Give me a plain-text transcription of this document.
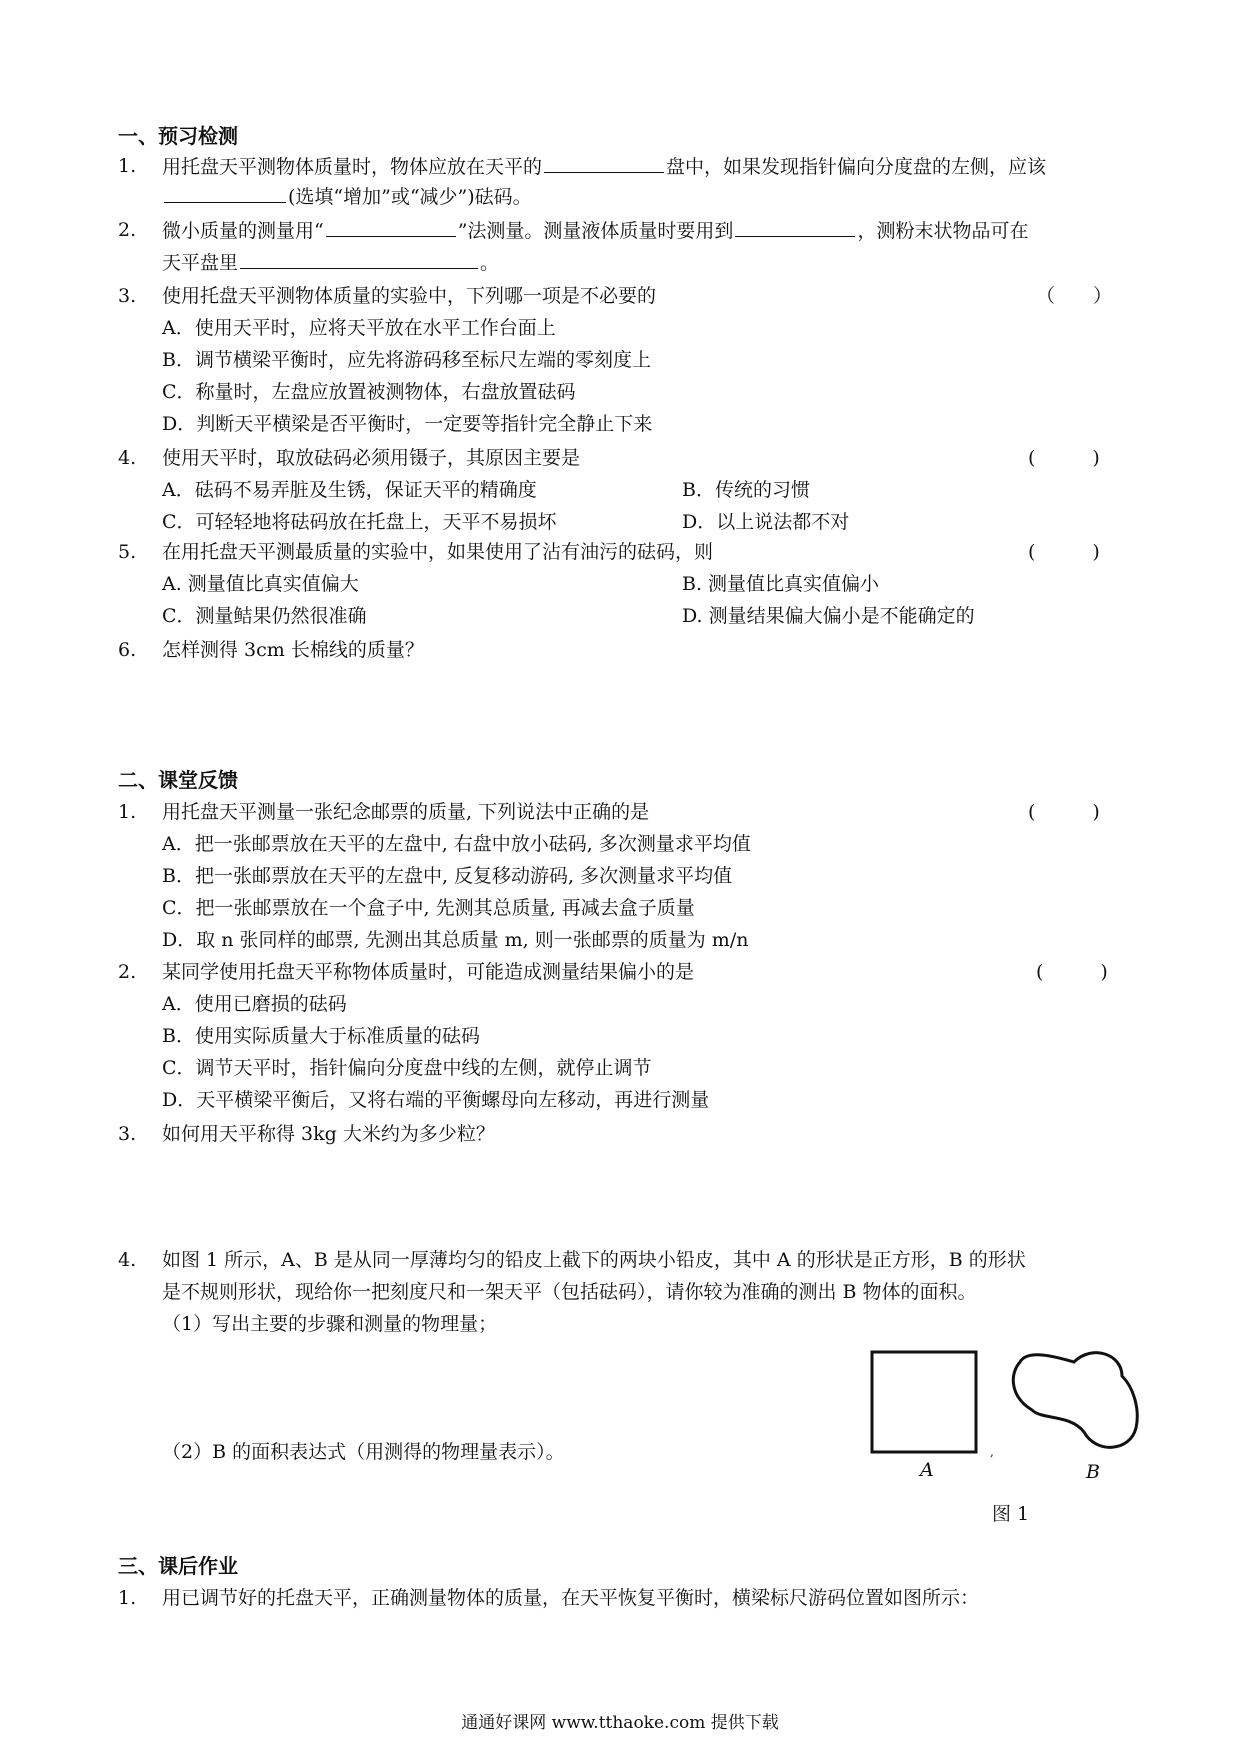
一、预习检测
1. 用托盘天平测物体质量时，物体应放在天平的	盘中，如果发现指针偏向分度盘的左侧，应该
(选填“增加”或“减少”)砝码。
2. 微小质量的测量用“	”法测量。测量液体质量时要用到	，测粉末状物品可在
天平盘里	。
3. 使用托盘天平测物体质量的实验中，下列哪一项是不必要的	（　　）
A．使用天平时，应将天平放在水平工作台面上
B．调节横梁平衡时，应先将游码移至标尺左端的零刻度上
C．称量时，左盘应放置被测物体，右盘放置砝码
D．判断天平横梁是否平衡时，一定要等指针完全静止下来
4. 使用天平时，取放砝码必须用镊子，其原因主要是	(　　　)
A．砝码不易弄脏及生锈，保证天平的精确度	B．传统的习惯
C．可轻轻地将砝码放在托盘上，天平不易损坏	D．以上说法都不对
5. 在用托盘天平测最质量的实验中，如果使用了沾有油污的砝码，则	(　　　)
A. 测量值比真实值偏大	B. 测量值比真实值偏小
C．测量鲒果仍然很准确	D. 测量结果偏大偏小是不能确定的
6. 怎样测得 3cm 长棉线的质量？
二、课堂反馈
1. 用托盘天平测量一张纪念邮票的质量, 下列说法中正确的是	(　　　)
A．把一张邮票放在天平的左盘中, 右盘中放小砝码, 多次测量求平均值
B．把一张邮票放在天平的左盘中, 反复移动游码, 多次测量求平均值
C．把一张邮票放在一个盒子中, 先测其总质量, 再减去盒子质量
D．取 n 张同样的邮票, 先测出其总质量 m, 则一张邮票的质量为 m/n
2. 某同学使用托盘天平称物体质量时，可能造成测量结果偏小的是	(　　　)
A．使用已磨损的砝码
B．使用实际质量大于标准质量的砝码
C．调节天平时，指针偏向分度盘中线的左侧，就停止调节
D．天平横梁平衡后，又将右端的平衡螺母向左移动，再进行测量
3. 如何用天平称得 3kg 大米约为多少粒？
4. 如图 1 所示，A、B 是从同一厚薄均匀的铅皮上截下的两块小铅皮，其中 A 的形状是正方形，B 的形状
是不规则形状，现给你一把刻度尺和一架天平（包括砝码），请你较为准确的测出 B 物体的面积。
（1）写出主要的步骤和测量的物理量；
（2）B 的面积表达式（用测得的物理量表示）。	,
A	B
图 1
三、课后作业
1. 用已调节好的托盘天平，正确测量物体的质量，在天平恢复平衡时，横梁标尺游码位置如图所示：
通通好课网 www.tthaoke.com 提供下载
